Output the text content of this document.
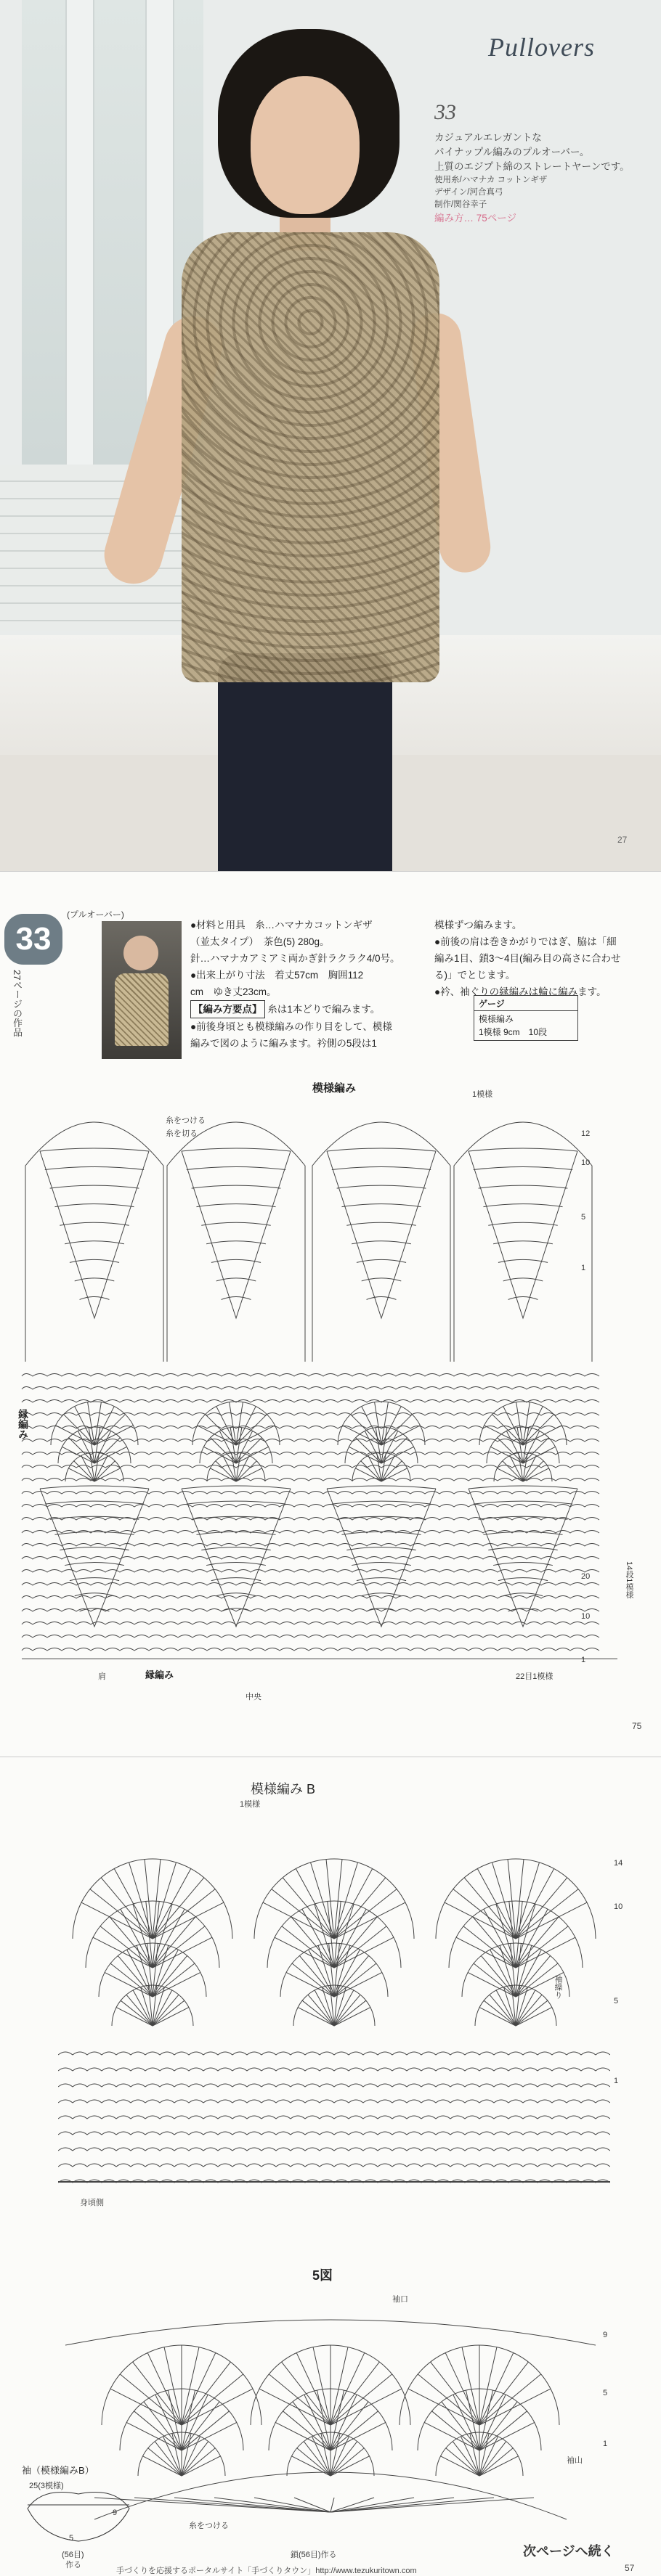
Pullovers
33
カジュアルエレガントな
パイナップル編みのプルオーバー。
上質のエジプト綿のストレートヤーンです。
使用糸/ハマナカ コットンギザ
デザイン/河合真弓
制作/関谷幸子
編み方… 75ページ
27
33
(プルオーバー)
27ページの作品
●材料と用具　糸…ハマナカコットンギザ
（並太タイプ）　茶色(5) 280g。
針…ハマナカアミアミ両かぎ針ラクラク4/0号。
●出来上がり寸法　着丈57cm　胸囲112
cm　ゆき丈23cm。
【編み方要点】 糸は1本どりで編みます。
●前後身頃とも模様編みの作り目をして、模様
編みで図のように編みます。衿側の5段は1
模様ずつ編みます。
●前後の肩は巻きかがりではぎ、脇は「細
編み1目、鎖3〜4目(編み目の高さに合わせ
る)」でとじます。
●衿、袖ぐりの縁編みは輪に編みます。
ゲージ
模様編み
1模様 9cm　10段
模様編み
糸をつける
糸を切る
1模様
縁編み
12
10
5
1
20
10
1
14段1模様
肩	縁編み
中央
22目1模様
75
模様編み B
1模様
14
10
5
1
袖繰り
身頃側
5図
袖口
9
5
1
袖山
袖（模様編みB）
25(3模様)
9
5
(56目)
作る
糸をつける
鎖(56目)作る	次ページへ続く
手づくりを応援するポータルサイト「手づくりタウン」http://www.tezukuritown.com	57
